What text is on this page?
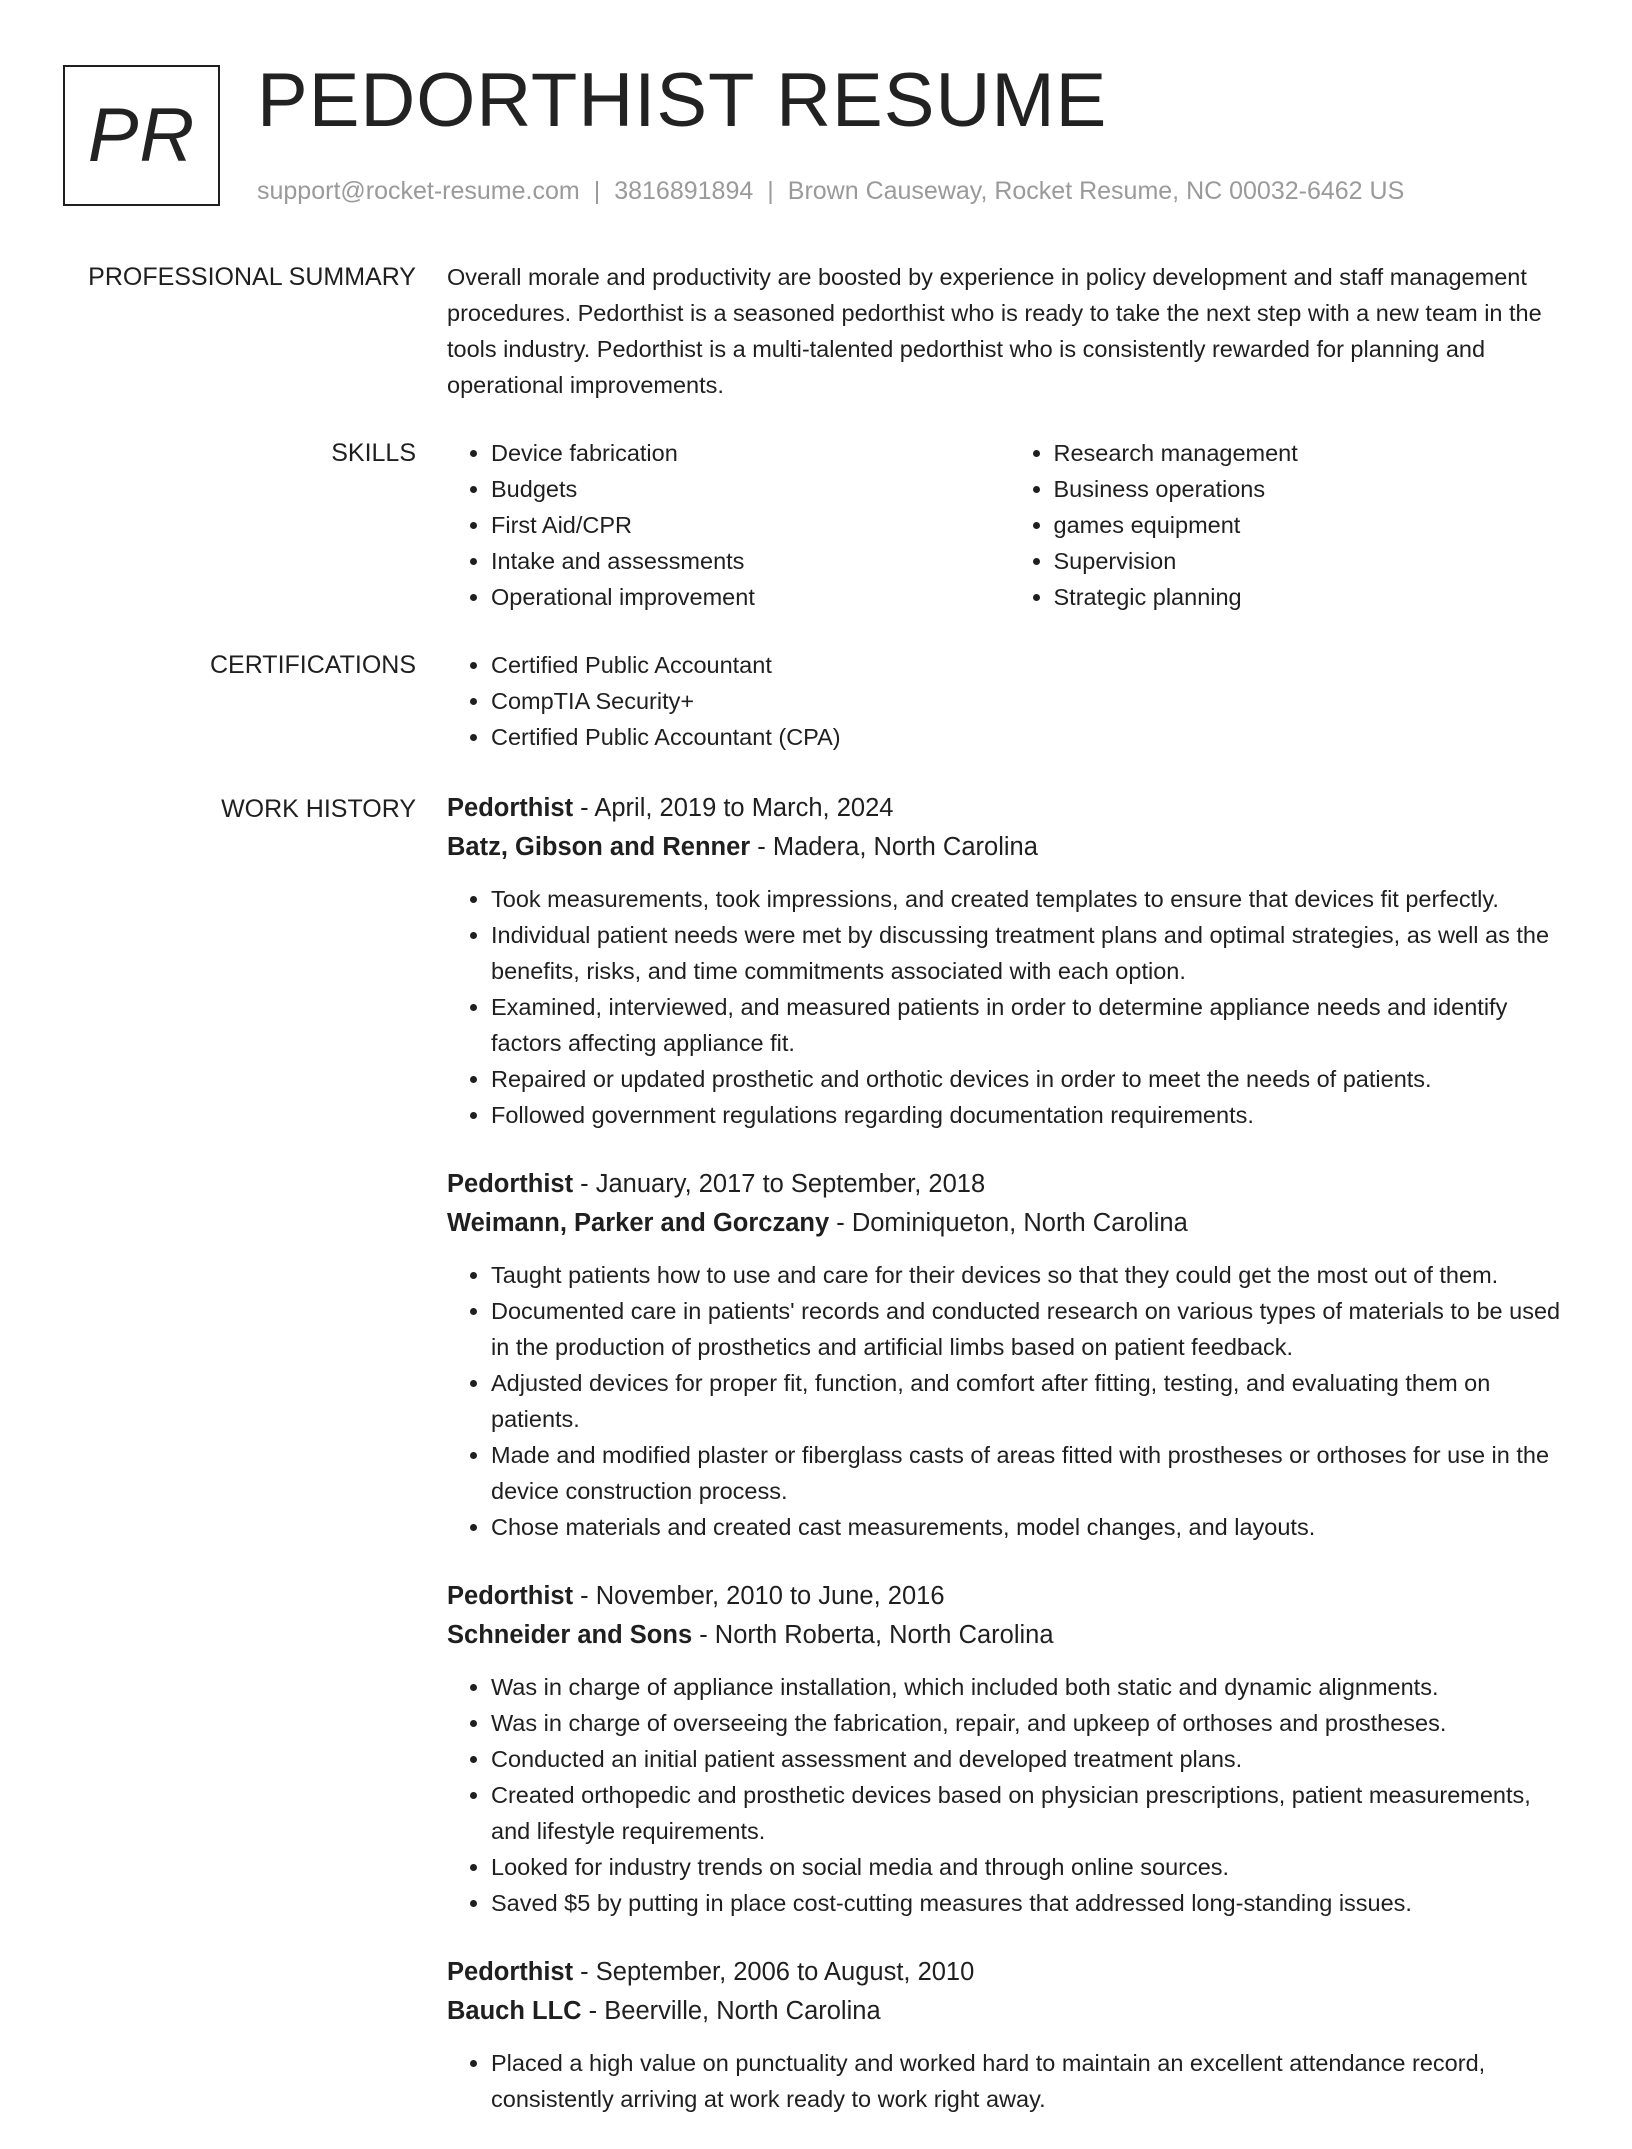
PR PEDORTHIST RESUME
support@rocket-resume.com | 3816891894 | Brown Causeway, Rocket Resume, NC 00032-6462 US
PROFESSIONAL SUMMARY Overall morale and productivity are boosted by experience in policy development and staff management procedures. Pedorthist is a seasoned pedorthist who is ready to take the next step with a new team in the tools industry. Pedorthist is a multi-talented pedorthist who is consistently rewarded for planning and operational improvements.

SKILLS	• Device fabrication
• Budgets
• First Aid/CPR
• Intake and assessments
• Operational improvement
• Research management
• Business operations
• games equipment
• Supervision
• Strategic planning
CERTIFICATIONS	• Certified Public Accountant
• CompTIA Security+
• Certified Public Accountant (CPA)
WORK HISTORY Pedorthist - April, 2019 to March, 2024
Batz, Gibson and Renner - Madera, North Carolina
• Took measurements, took impressions, and created templates to ensure that devices fit perfectly.
• Individual patient needs were met by discussing treatment plans and optimal strategies, as well as the benefits, risks, and time commitments associated with each option.
• Examined, interviewed, and measured patients in order to determine appliance needs and identify factors affecting appliance fit.
• Repaired or updated prosthetic and orthotic devices in order to meet the needs of patients.
• Followed government regulations regarding documentation requirements.
Pedorthist - January, 2017 to September, 2018
Weimann, Parker and Gorczany - Dominiqueton, North Carolina
• Taught patients how to use and care for their devices so that they could get the most out of them.
• Documented care in patients' records and conducted research on various types of materials to be used in the production of prosthetics and artificial limbs based on patient feedback.
• Adjusted devices for proper fit, function, and comfort after fitting, testing, and evaluating them on patients.
• Made and modified plaster or fiberglass casts of areas fitted with prostheses or orthoses for use in the device construction process.
• Chose materials and created cast measurements, model changes, and layouts.
Pedorthist - November, 2010 to June, 2016
Schneider and Sons - North Roberta, North Carolina
• Was in charge of appliance installation, which included both static and dynamic alignments.
• Was in charge of overseeing the fabrication, repair, and upkeep of orthoses and prostheses.
• Conducted an initial patient assessment and developed treatment plans.
• Created orthopedic and prosthetic devices based on physician prescriptions, patient measurements, and lifestyle requirements.
• Looked for industry trends on social media and through online sources.
• Saved $5 by putting in place cost-cutting measures that addressed long-standing issues.
Pedorthist - September, 2006 to August, 2010
Bauch LLC - Beerville, North Carolina
• Placed a high value on punctuality and worked hard to maintain an excellent attendance record, consistently arriving at work ready to work right away.
